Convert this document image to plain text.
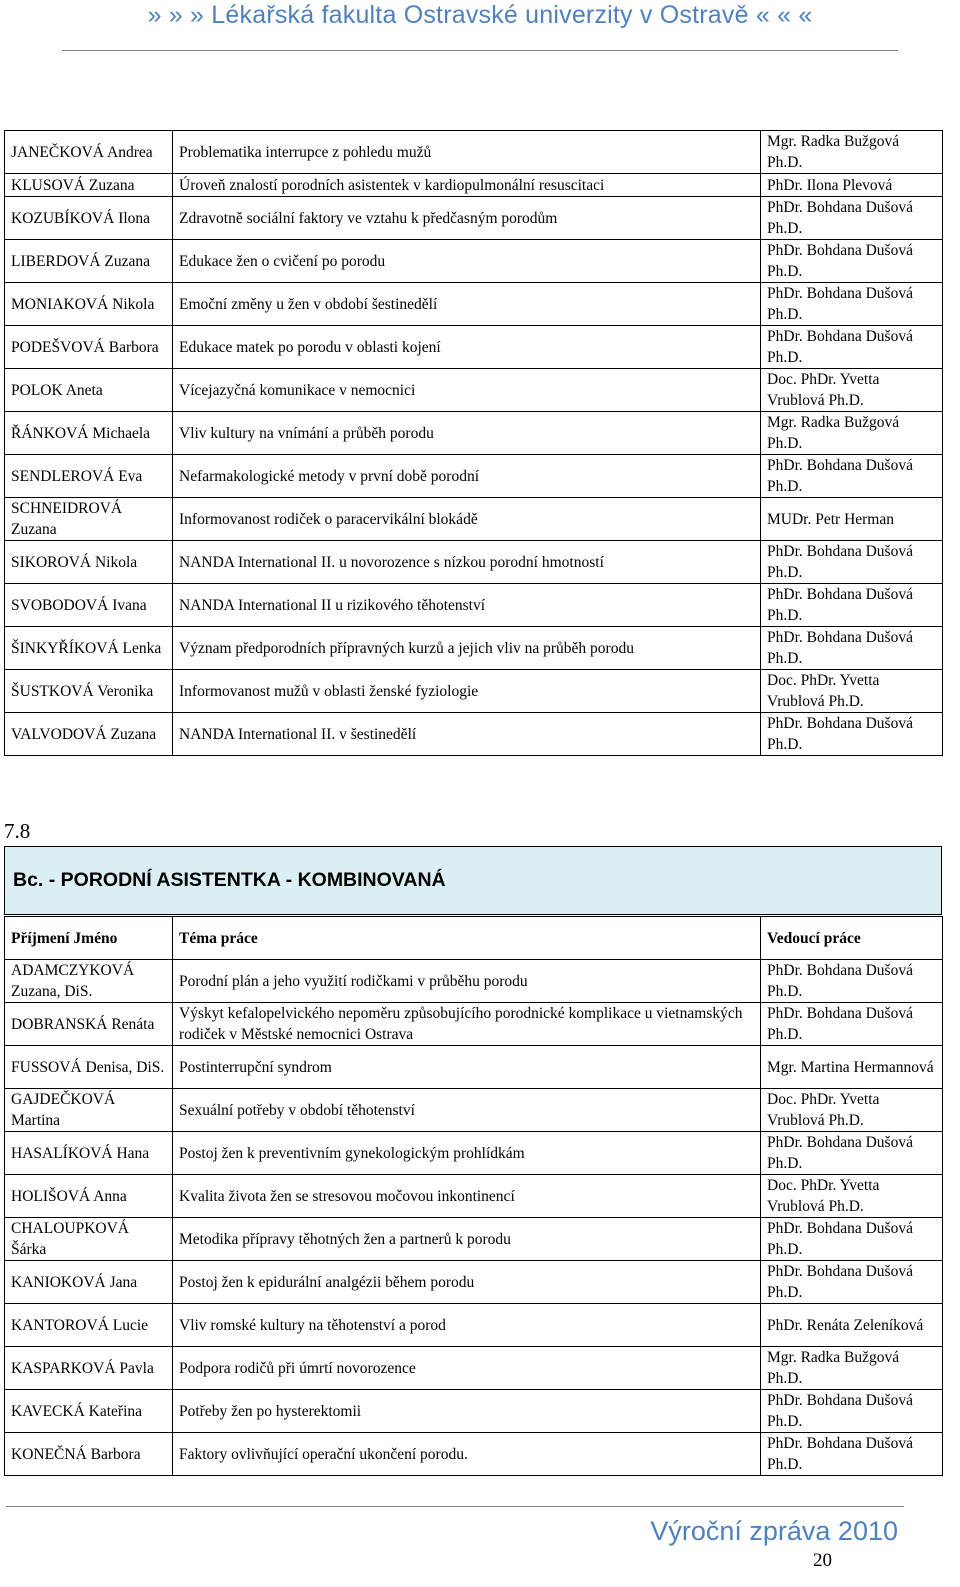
» » » Lékařská fakulta Ostravské univerzity v Ostravě « « «
JANEČKOVÁ Andrea	Problematika interrupce z pohledu mužů	Mgr. Radka Bužgová Ph.D.
KLUSOVÁ Zuzana	Úroveň znalostí porodních asistentek v kardiopulmonální resuscitaci	PhDr. Ilona Plevová
KOZUBÍKOVÁ Ilona	Zdravotně sociální faktory ve vztahu k předčasným porodům	PhDr. Bohdana Dušová Ph.D.
LIBERDOVÁ Zuzana	Edukace žen o cvičení po porodu	PhDr. Bohdana Dušová Ph.D.
MONIAKOVÁ Nikola	Emoční změny u žen v období šestinedělí	PhDr. Bohdana Dušová Ph.D.
PODEŠVOVÁ Barbora	Edukace matek po porodu v oblasti kojení	PhDr. Bohdana Dušová Ph.D.
POLOK Aneta	Vícejazyčná komunikace v nemocnici	Doc. PhDr. Yvetta Vrublová Ph.D.
ŘÁNKOVÁ Michaela	Vliv kultury na vnímání a průběh porodu	Mgr. Radka Bužgová Ph.D.
SENDLEROVÁ Eva	Nefarmakologické metody v první době porodní	PhDr. Bohdana Dušová Ph.D.
SCHNEIDROVÁ Zuzana	Informovanost rodiček o paracervikální blokádě	MUDr. Petr Herman
SIKOROVÁ Nikola	NANDA International II. u novorozence s nízkou porodní hmotností	PhDr. Bohdana Dušová Ph.D.
SVOBODOVÁ Ivana	NANDA International II u rizikového těhotenství	PhDr. Bohdana Dušová Ph.D.
ŠINKYŘÍKOVÁ Lenka	Význam předporodních přípravných kurzů a jejich vliv na průběh porodu	PhDr. Bohdana Dušová Ph.D.
ŠUSTKOVÁ Veronika	Informovanost mužů v oblasti ženské fyziologie	Doc. PhDr. Yvetta Vrublová Ph.D.
VALVODOVÁ Zuzana	NANDA International II. v šestinedělí	PhDr. Bohdana Dušová Ph.D.
7.8
Bc. - PORODNÍ ASISTENTKA - KOMBINOVANÁ
Příjmení Jméno	Téma práce	Vedoucí práce
ADAMCZYKOVÁ Zuzana, DiS.	Porodní plán a jeho využití rodičkami v průběhu porodu	PhDr. Bohdana Dušová Ph.D.
DOBRANSKÁ Renáta	Výskyt kefalopelvického nepoměru způsobujícího porodnické komplikace u vietnamských rodiček v Městské nemocnici Ostrava	PhDr. Bohdana Dušová Ph.D.
FUSSOVÁ Denisa, DiS.	Postinterrupční syndrom	Mgr. Martina Hermannová
GAJDEČKOVÁ Martina	Sexuální potřeby v období těhotenství	Doc. PhDr. Yvetta Vrublová Ph.D.
HASALÍKOVÁ Hana	Postoj žen k preventivním gynekologickým prohlídkám	PhDr. Bohdana Dušová Ph.D.
HOLIŠOVÁ Anna	Kvalita života žen se stresovou močovou inkontinencí	Doc. PhDr. Yvetta Vrublová Ph.D.
CHALOUPKOVÁ Šárka	Metodika přípravy těhotných žen a partnerů k porodu	PhDr. Bohdana Dušová Ph.D.
KANIOKOVÁ Jana	Postoj žen k epidurální analgézii během porodu	PhDr. Bohdana Dušová Ph.D.
KANTOROVÁ Lucie	Vliv romské kultury na těhotenství a porod	PhDr. Renáta Zeleníková
KASPARKOVÁ Pavla	Podpora rodičů při úmrtí novorozence	Mgr. Radka Bužgová Ph.D.
KAVECKÁ Kateřina	Potřeby žen po hysterektomii	PhDr. Bohdana Dušová Ph.D.
KONEČNÁ Barbora	Faktory ovlivňující operační ukončení porodu.	PhDr. Bohdana Dušová Ph.D.
Výroční zpráva 2010
20
